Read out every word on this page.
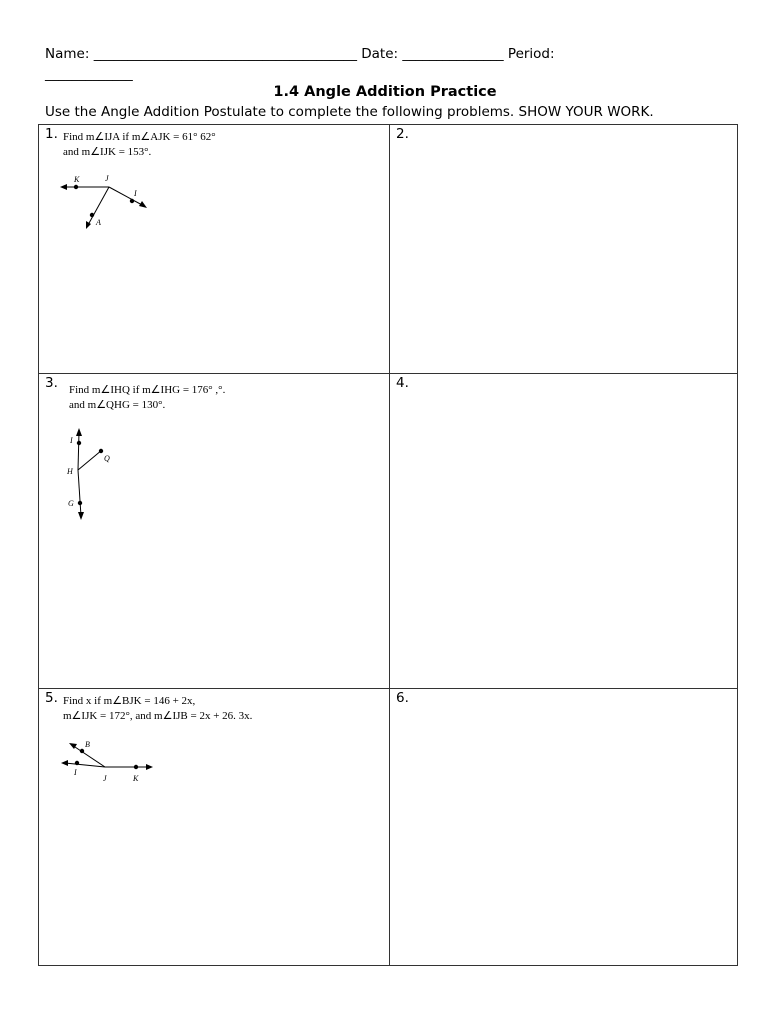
Name: _______________________________________ Date: _______________ Period:
_____________
1.4 Angle Addition Practice
Use the Angle Addition Postulate to complete the following problems. SHOW YOUR WORK.
1. Find m∠IJA if m∠AJK = 61° 62°
and m∠IJK = 153°.
K	J
I
A
2.
3. Find m∠IHQ if m∠IHG = 176° ,°.
and m∠QHG = 130°.
I
Q
H
G
4.
5. Find x if m∠BJK = 146 + 2x,
m∠IJK = 172°, and m∠IJB = 2x + 26. 3x.
B
I
J	K
6.
